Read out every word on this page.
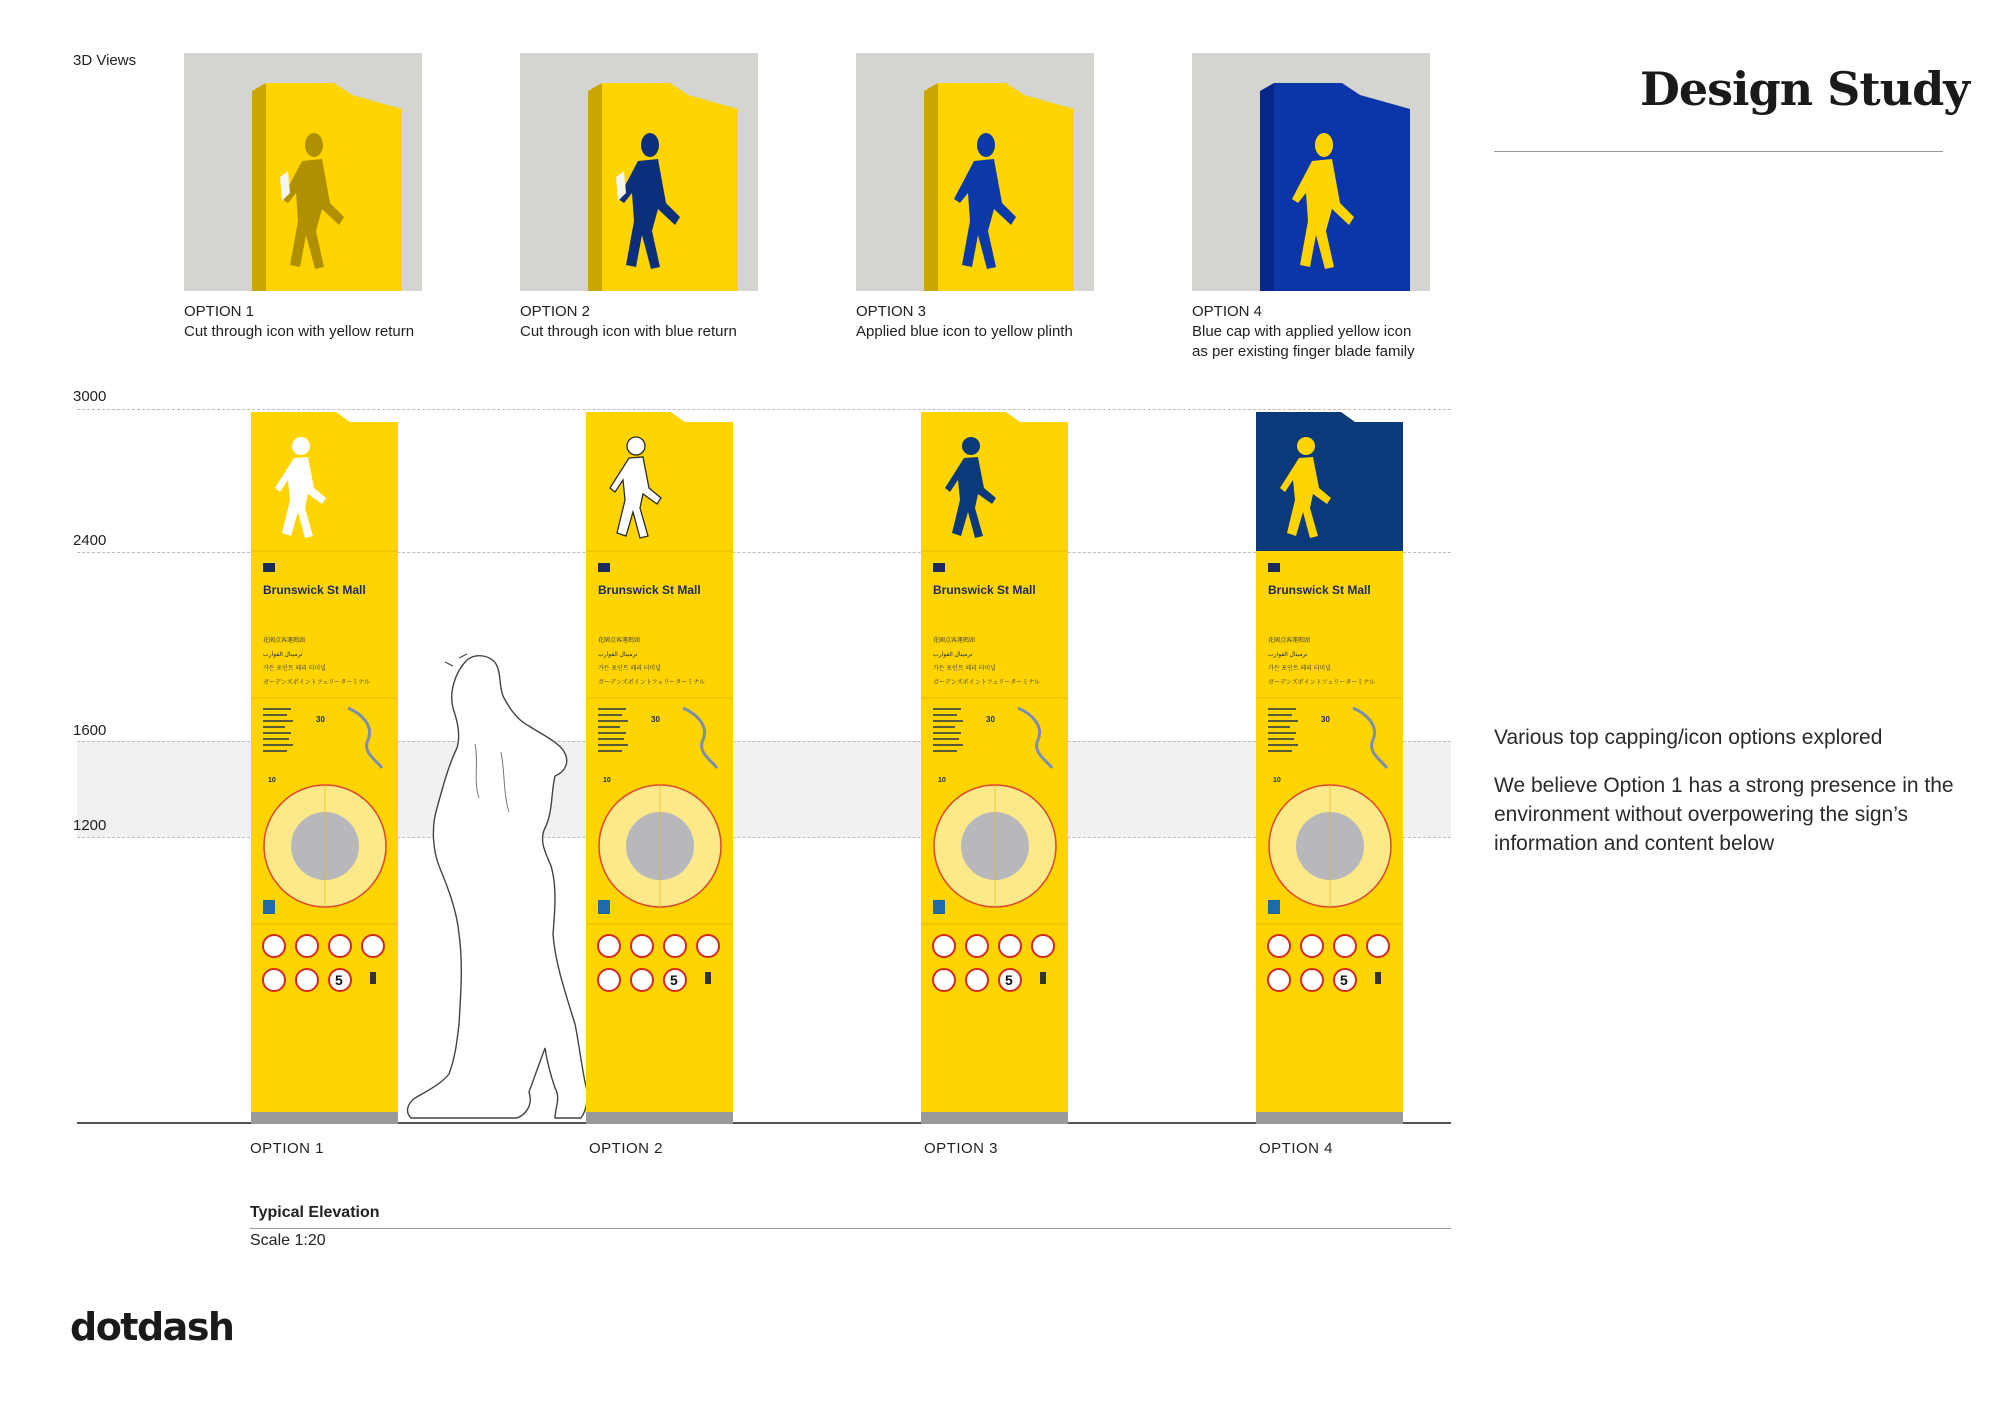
3D Views
Design Study
OPTION 1
Cut through icon with yellow return
OPTION 2
Cut through icon with blue return
OPTION 3
Applied blue icon to yellow plinth
OPTION 4
Blue cap with applied yellow icon
as per existing finger blade family
Various top capping/icon options explored
We believe Option 1 has a strong presence in the environment without overpowering the sign’s information and content below
3000
2400
1600
1200
Brunswick St Mall
花園点客運碼頭
ترمينال القوارب
가든 포인트 페리 터미널
ガーデンズポイントフェリーターミナル
30
10
5
Brunswick St Mall
花園点客運碼頭
ترمينال القوارب
가든 포인트 페리 터미널
ガーデンズポイントフェリーターミナル
30
10
5
Brunswick St Mall
花園点客運碼頭
ترمينال القوارب
가든 포인트 페리 터미널
ガーデンズポイントフェリーターミナル
30
10
5
Brunswick St Mall
花園点客運碼頭
ترمينال القوارب
가든 포인트 페리 터미널
ガーデンズポイントフェリーターミナル
30
10
5
OPTION 1	OPTION 2	OPTION 3	OPTION 4
Typical Elevation
Scale 1:20
dotdash
